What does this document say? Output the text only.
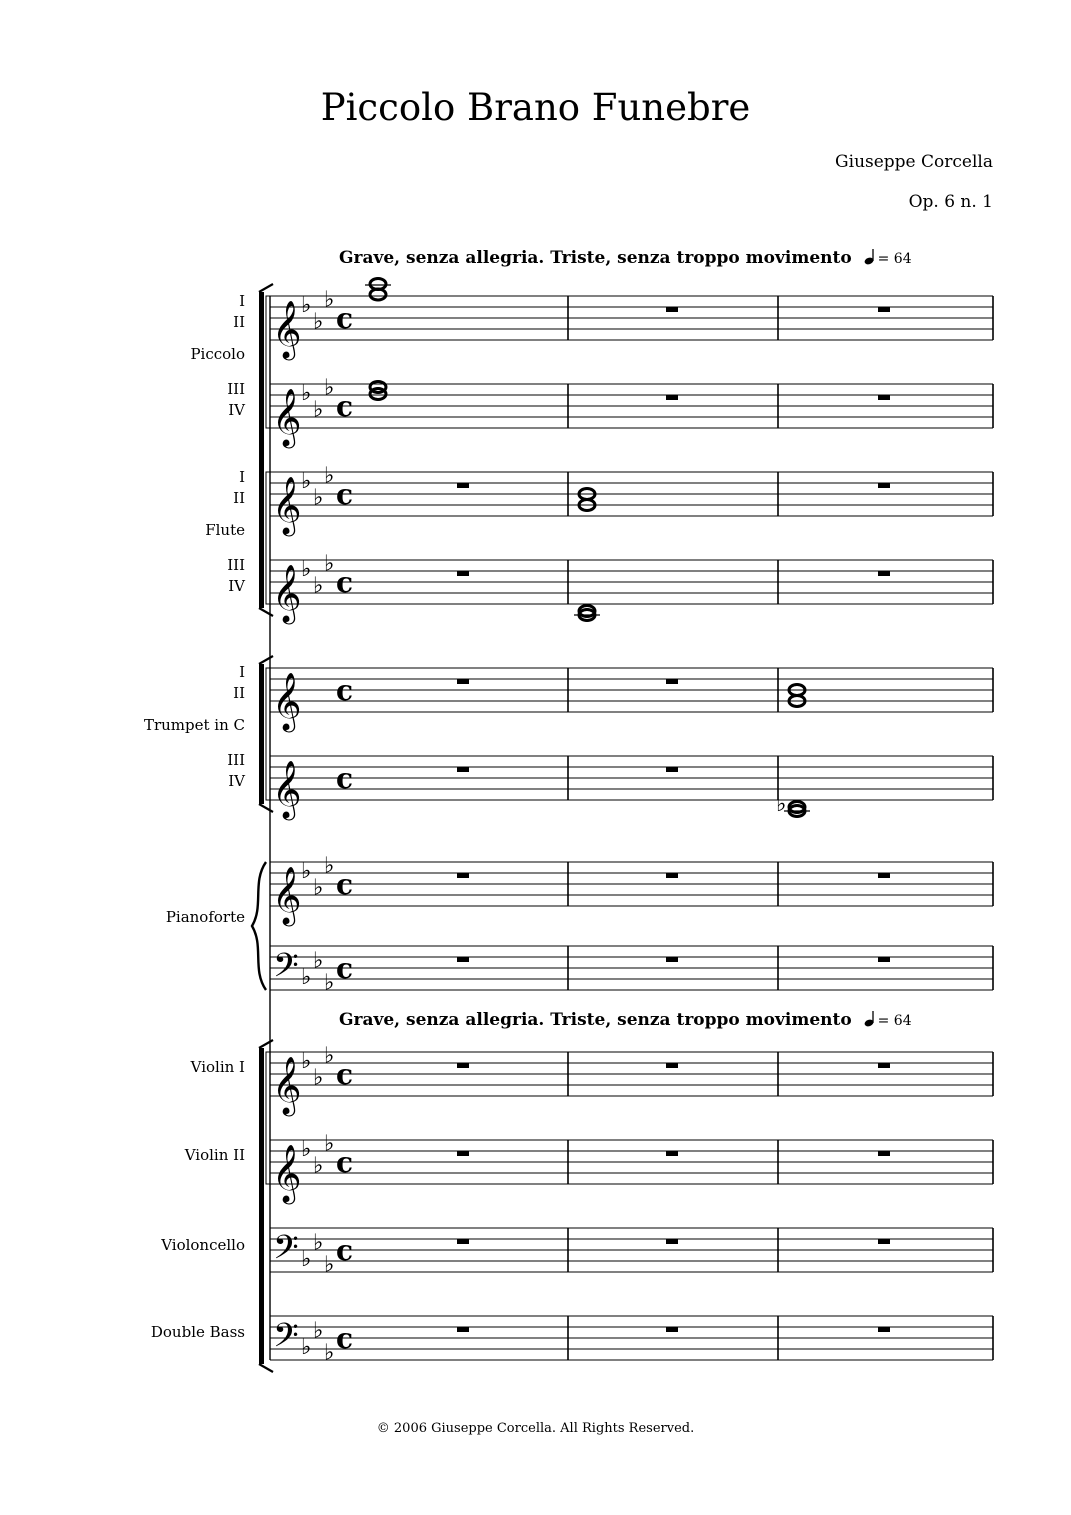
Piccolo Brano Funebre
Giuseppe Corcella
Op. 6 n. 1
Grave, senza allegria. Triste, senza troppo movimento = 64
Grave, senza allegria. Triste, senza troppo movimento = 64
I
II
Piccolo
III
IV
I
II
Flute
III
IV
I
II
Trumpet in C
III
IV
Pianoforte
Violin I
Violin II
Violoncello
Double Bass
𝄞 ♭
♭
♭
c
𝄞 ♭
♭
♭
c
𝄞 ♭
♭
♭
c
𝄞 ♭
♭
♭
c
𝄞 c
𝄞 c
𝄞 ♭
♭
♭
c
𝄢 ♭
♭
♭ c
𝄞 ♭
♭
♭
c
𝄞 ♭
♭
♭
c
𝄢 ♭
♭
♭ c
𝄢 ♭
♭
♭ c
♭
© 2006 Giuseppe Corcella. All Rights Reserved.
